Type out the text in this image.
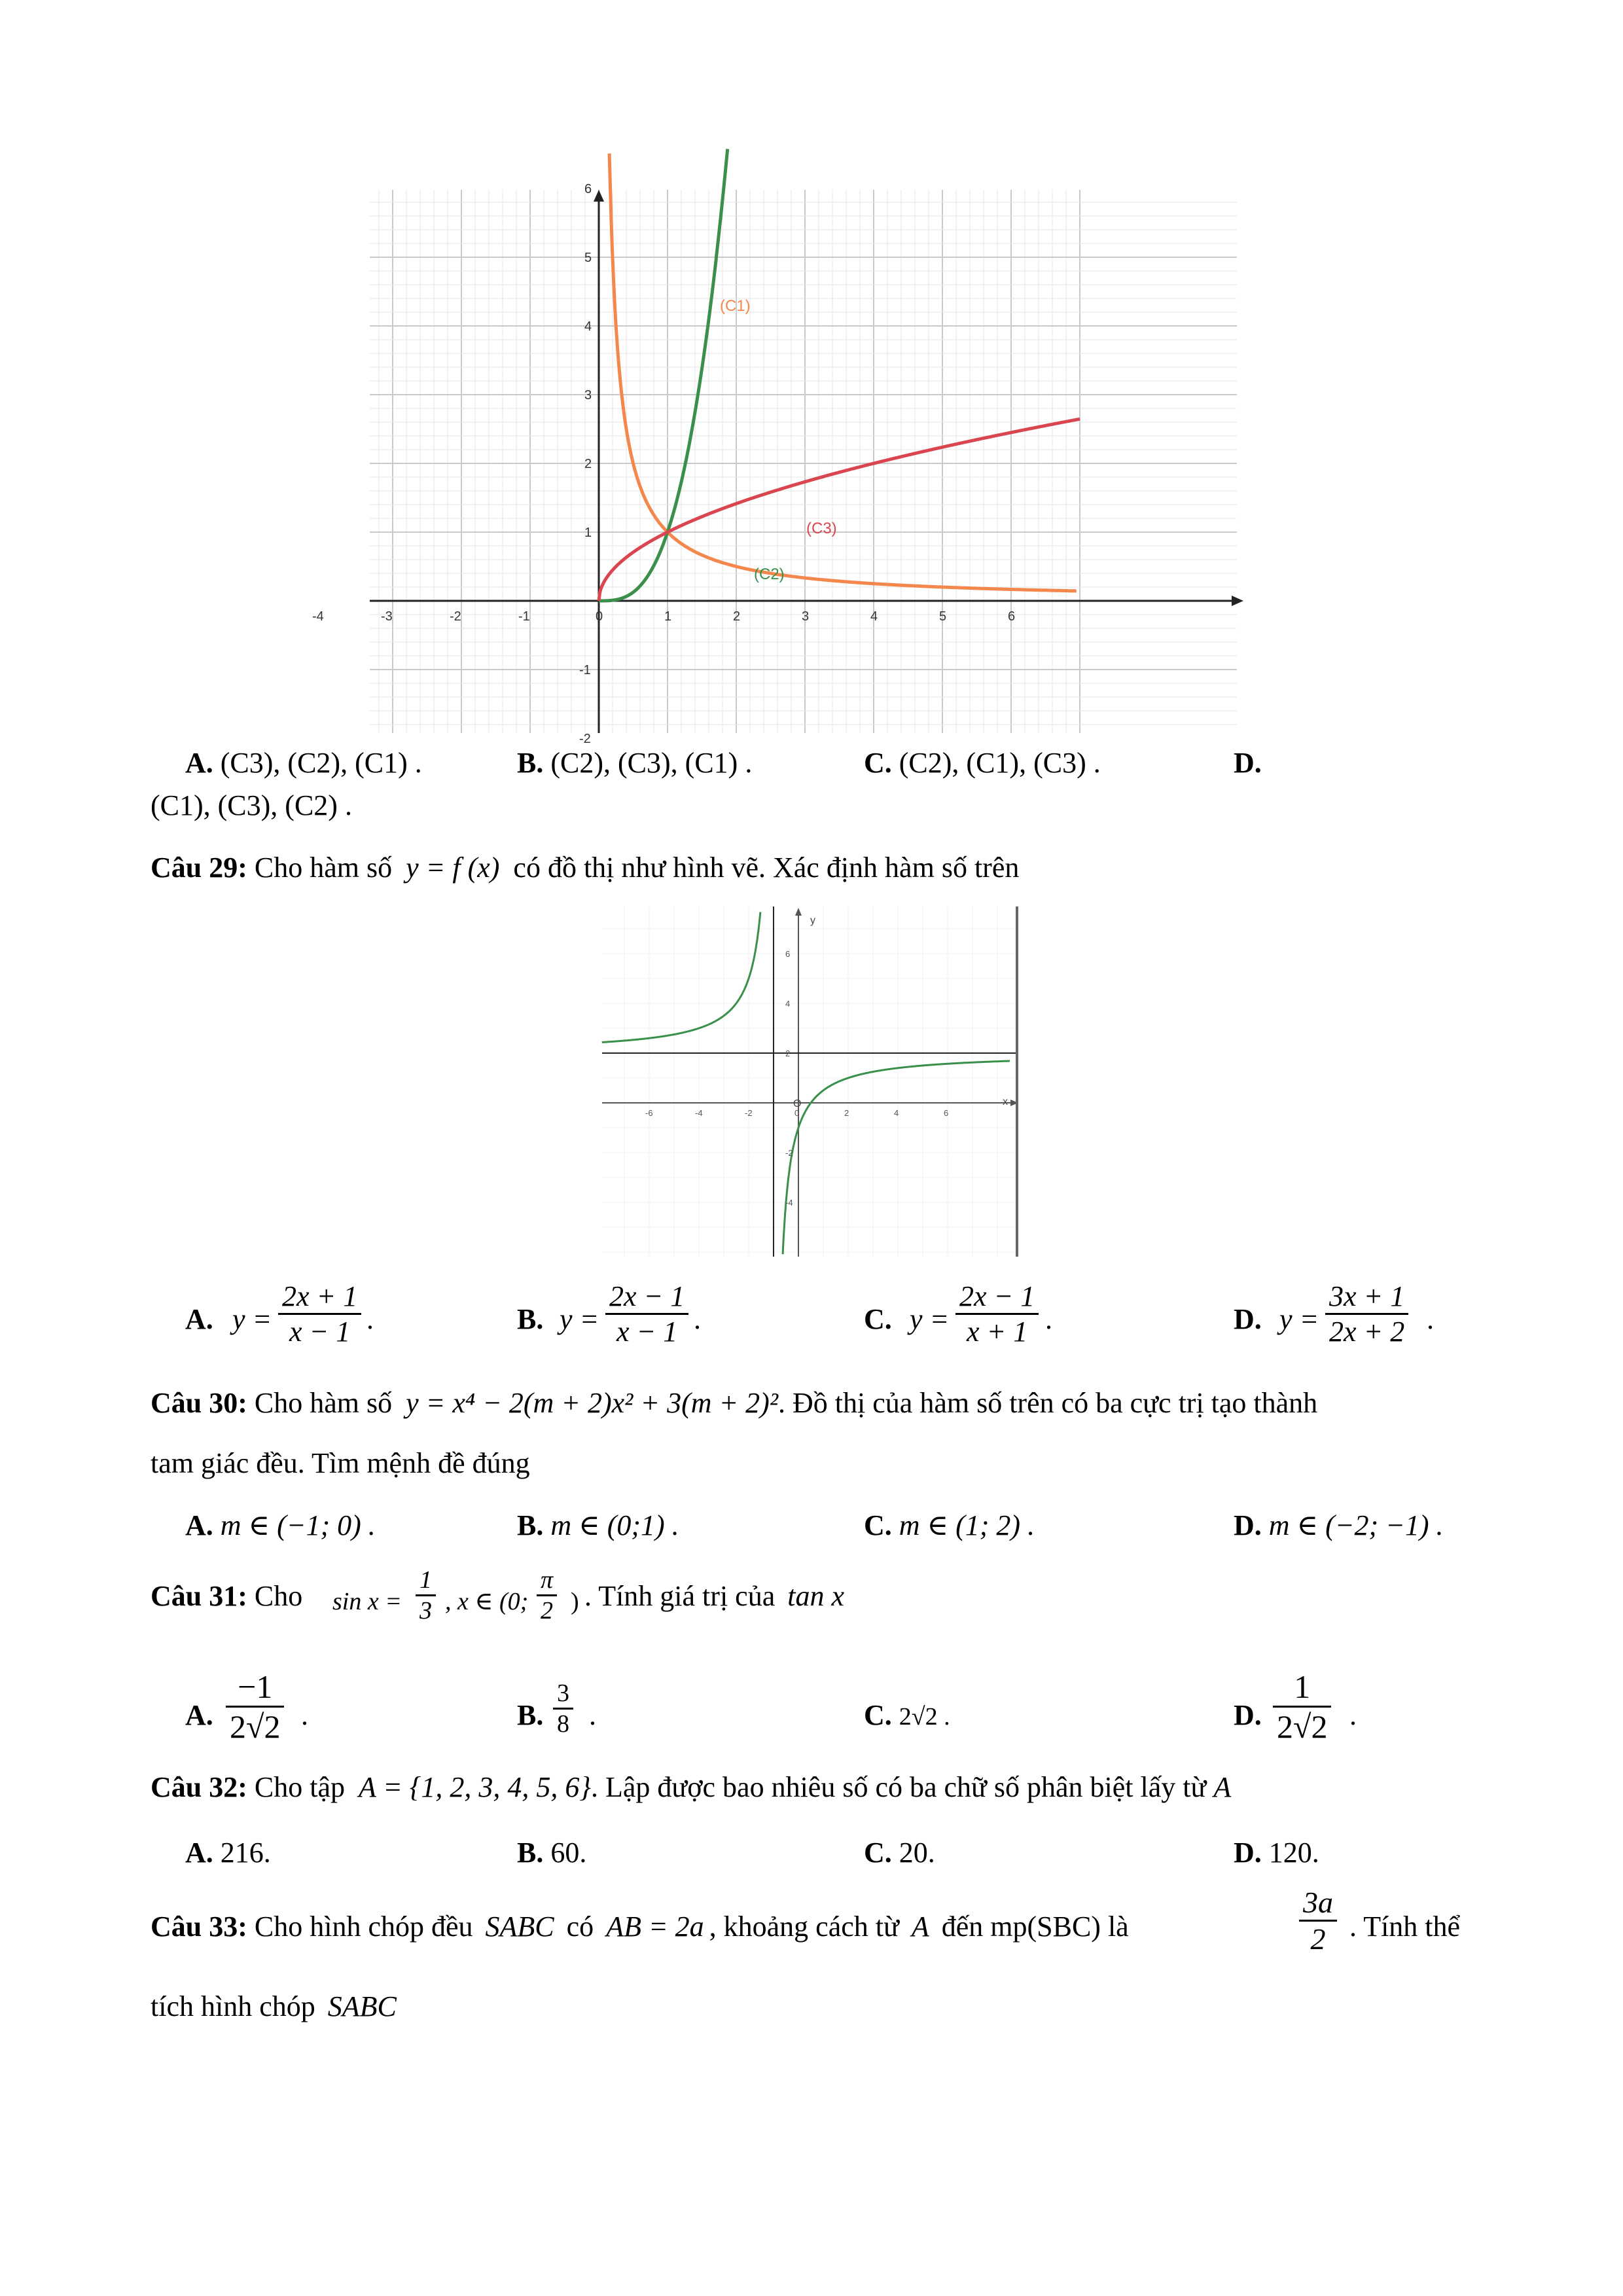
-4	-3	-2	-1	0	1	2	3	4	5	6
6
5
4
3
2
1
-1
-2
(C1)
(C3)
(C2)
A. (C3), (C2), (C1) .	B. (C2), (C3), (C1) .	C. (C2), (C1), (C3) .	D.
(C1), (C3), (C2) .
Câu 29: Cho hàm số y = f (x) có đồ thị như hình vẽ. Xác định hàm số trên
-6	-4	-2	0	2	4	6
6
4
2
-2
-4
x
y
O
A. $y = \frac{2x + 1}{x - 1}$ .	B. $y = \frac{2x - 1}{x - 1}$ .	C. $y = \frac{2x - 1}{x + 1}$ .	D. $y = \frac{3x + 1}{2x + 2}$ .
Câu 30: Cho hàm số y = x⁴ − 2(m + 2)x² + 3(m + 2)². Đồ thị của hàm số trên có ba cực trị tạo thành
tam giác đều. Tìm mệnh đề đúng
A. m ∈ (−1; 0) .	B. m ∈ (0;1) .	C. m ∈ (1; 2) .	D. m ∈ (−2; −1) .
Câu 31: Cho $\sin x = \frac{1}{3}$ , x ∈ (0; $\frac{\pi}{2}$ ) . Tính giá trị của tan x
A. $\frac{-1}{2√2}$ .	B. $\frac{3}{8}$ .	C. 2√2 .	D. $\frac{1}{2√2}$ .
Câu 32: Cho tập A = {1, 2, 3, 4, 5, 6}. Lập được bao nhiêu số có ba chữ số phân biệt lấy từ A
A. 216.	B. 60.	C. 20.	D. 120.
Câu 33: Cho hình chóp đều SABC có AB = 2a , khoảng cách từ A đến mp(SBC) là	$\frac{3a}{2}$ . Tính thể
tích hình chóp SABC
